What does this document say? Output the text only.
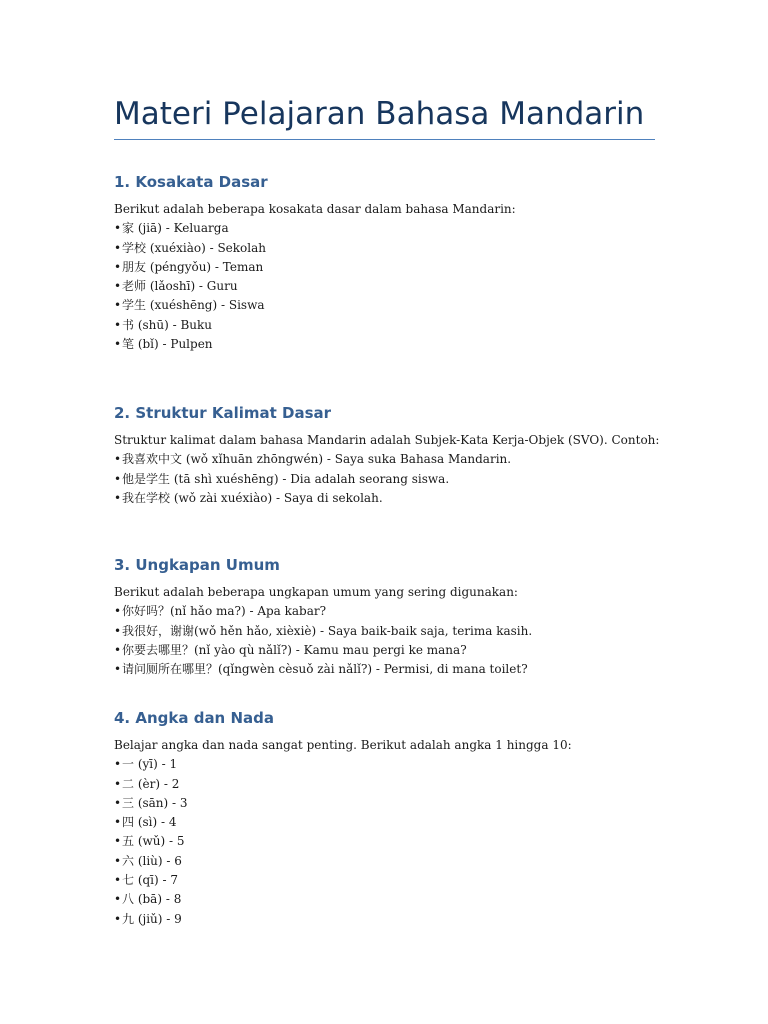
Materi Pelajaran Bahasa Mandarin
1. Kosakata Dasar
Berikut adalah beberapa kosakata dasar dalam bahasa Mandarin:
•家 (jiā) - Keluarga
•学校 (xuéxiào) - Sekolah
•朋友 (péngyǒu) - Teman
•老师 (lǎoshī) - Guru
•学生 (xuéshēng) - Siswa
•书 (shū) - Buku
•笔 (bǐ) - Pulpen
2. Struktur Kalimat Dasar
Struktur kalimat dalam bahasa Mandarin adalah Subjek-Kata Kerja-Objek (SVO). Contoh:
•我喜欢中文 (wǒ xǐhuān zhōngwén) - Saya suka Bahasa Mandarin.
•他是学生 (tā shì xuéshēng) - Dia adalah seorang siswa.
•我在学校 (wǒ zài xuéxiào) - Saya di sekolah.
3. Ungkapan Umum
Berikut adalah beberapa ungkapan umum yang sering digunakan:
•你好吗？(nǐ hǎo ma?) - Apa kabar?
•我很好，谢谢(wǒ hěn hǎo, xièxiè) - Saya baik-baik saja, terima kasih.
•你要去哪里？(nǐ yào qù nǎlǐ?) - Kamu mau pergi ke mana?
•请问厕所在哪里？(qǐngwèn cèsuǒ zài nǎlǐ?) - Permisi, di mana toilet?
4. Angka dan Nada
Belajar angka dan nada sangat penting. Berikut adalah angka 1 hingga 10:
•一 (yī) - 1
•二 (èr) - 2
•三 (sān) - 3
•四 (sì) - 4
•五 (wǔ) - 5
•六 (liù) - 6
•七 (qī) - 7
•八 (bā) - 8
•九 (jiǔ) - 9
